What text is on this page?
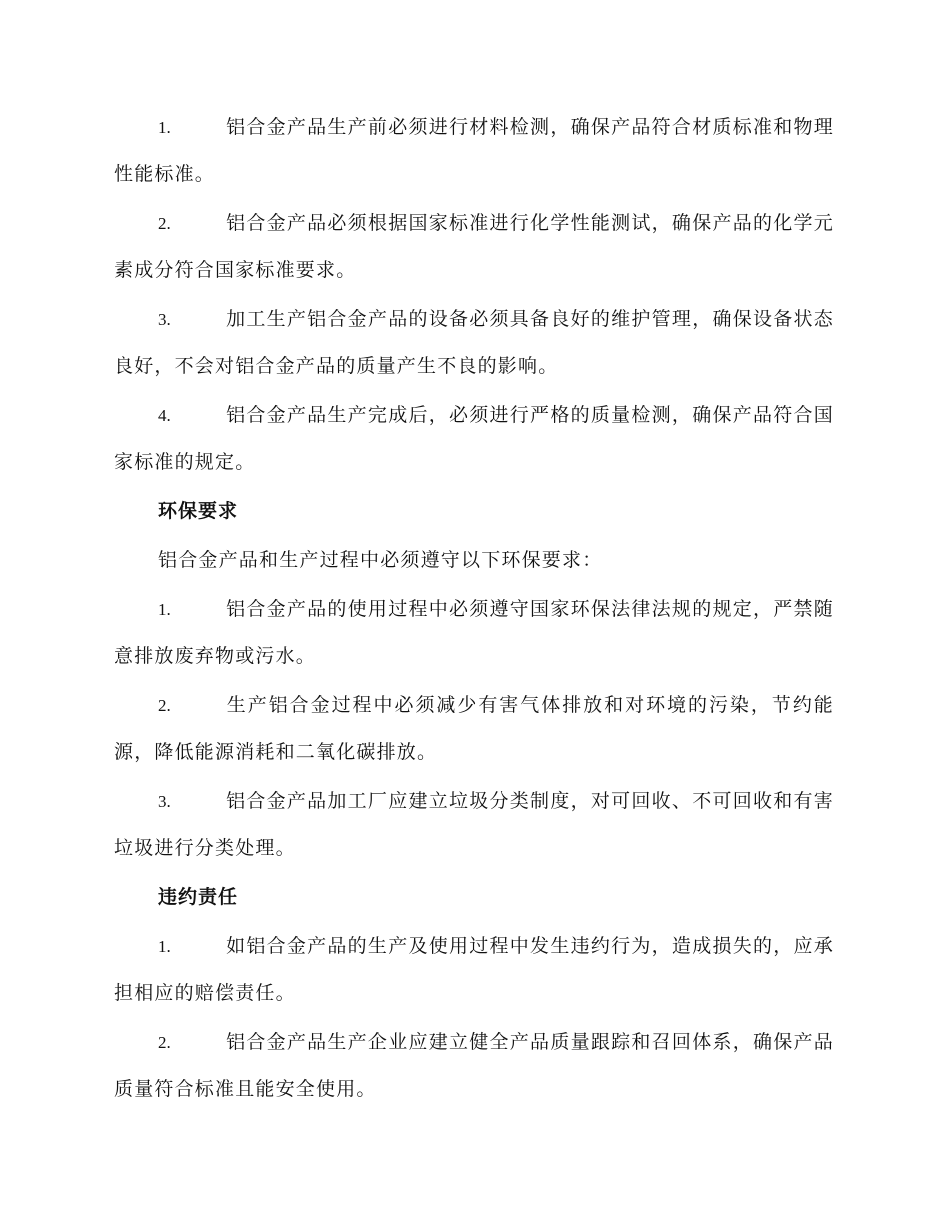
1.	铝合金产品生产前必须进行材料检测，确保产品符合材质标准和物理性能标准。

2.	铝合金产品必须根据国家标准进行化学性能测试，确保产品的化学元素成分符合国家标准要求。

3.	加工生产铝合金产品的设备必须具备良好的维护管理，确保设备状态良好，不会对铝合金产品的质量产生不良的影响。

4.	铝合金产品生产完成后，必须进行严格的质量检测，确保产品符合国家标准的规定。

环保要求

铝合金产品和生产过程中必须遵守以下环保要求：

1.	铝合金产品的使用过程中必须遵守国家环保法律法规的规定，严禁随意排放废弃物或污水。

2.	生产铝合金过程中必须减少有害气体排放和对环境的污染，节约能源，降低能源消耗和二氧化碳排放。

3.	铝合金产品加工厂应建立垃圾分类制度，对可回收、不可回收和有害垃圾进行分类处理。

违约责任

1.	如铝合金产品的生产及使用过程中发生违约行为，造成损失的，应承担相应的赔偿责任。

2.	铝合金产品生产企业应建立健全产品质量跟踪和召回体系，确保产品质量符合标准且能安全使用。
